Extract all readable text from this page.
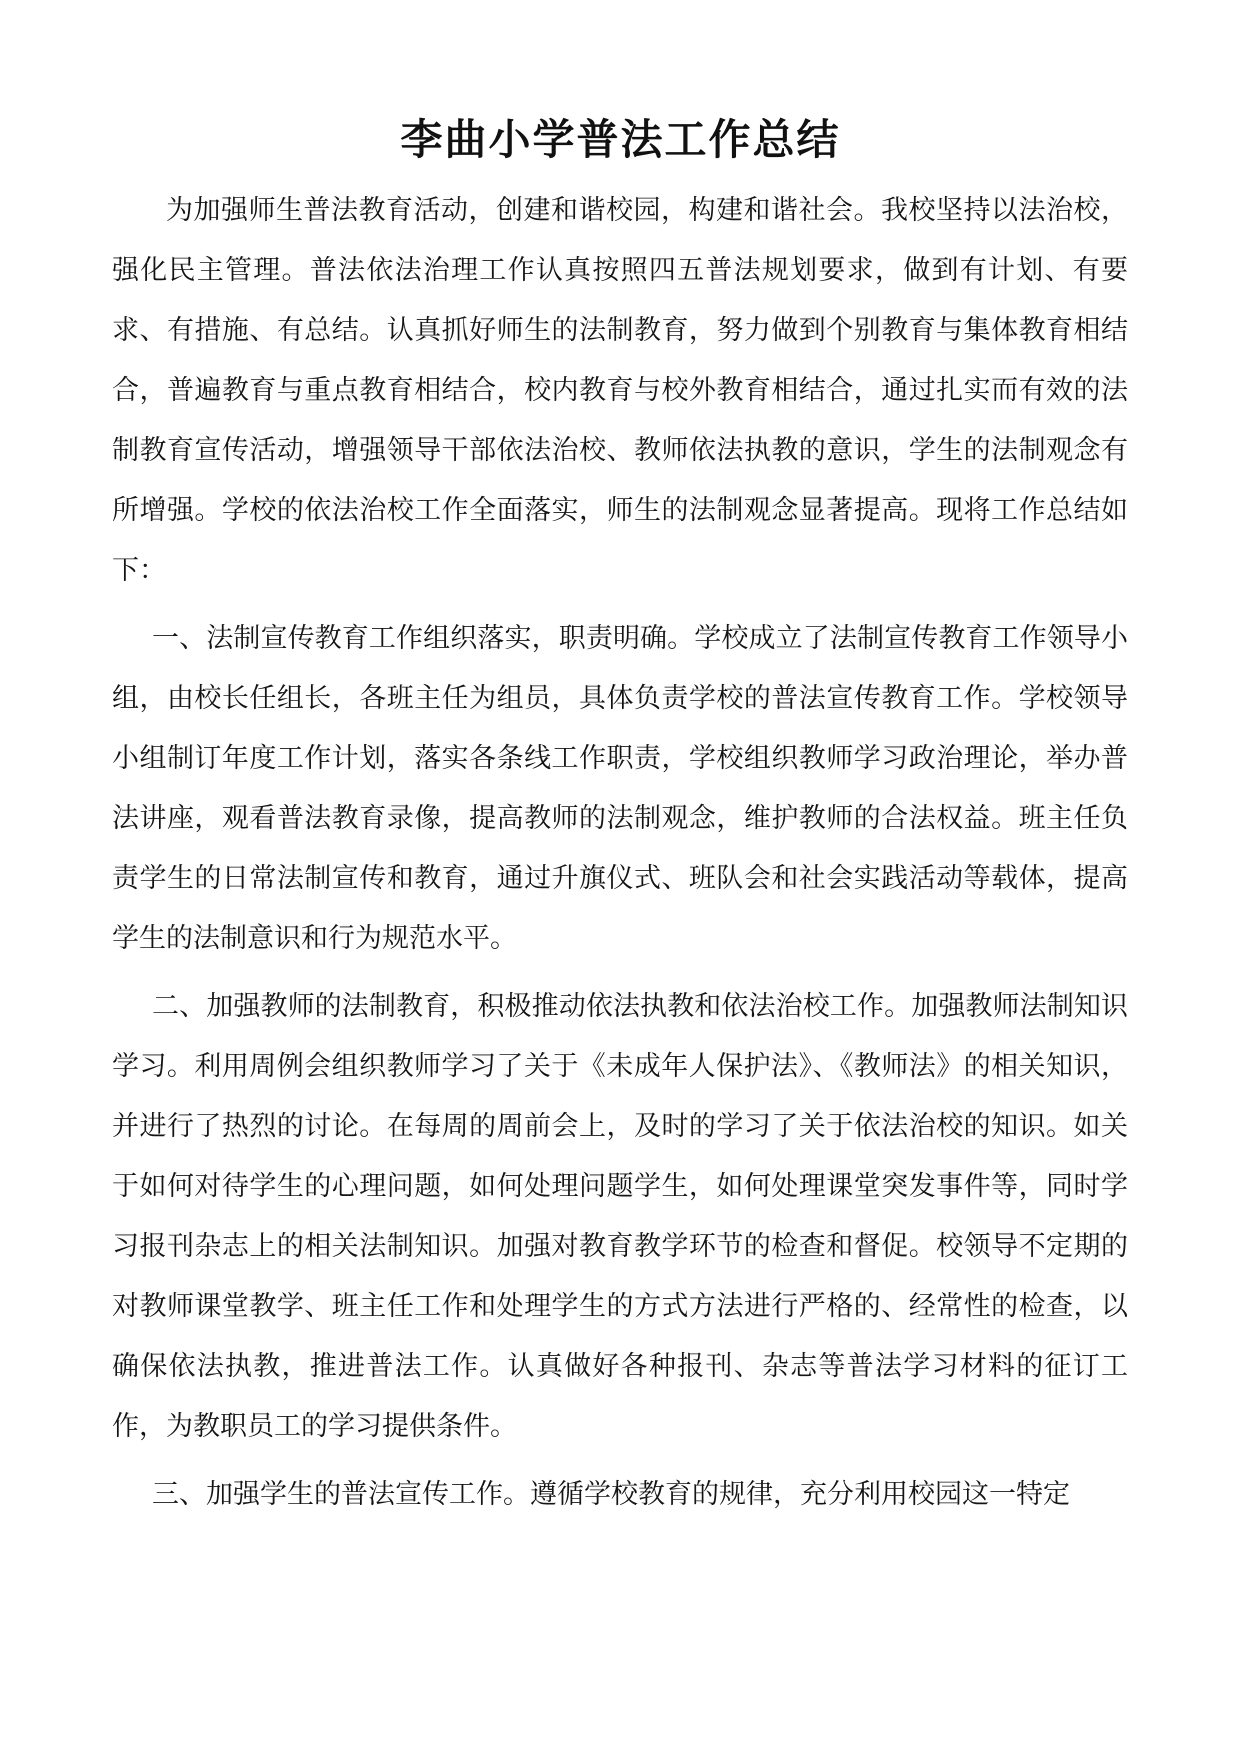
李曲小学普法工作总结

为加强师生普法教育活动，创建和谐校园，构建和谐社会。我校坚持以法治校，强化民主管理。普法依法治理工作认真按照四五普法规划要求，做到有计划、有要求、有措施、有总结。认真抓好师生的法制教育，努力做到个别教育与集体教育相结合，普遍教育与重点教育相结合，校内教育与校外教育相结合，通过扎实而有效的法制教育宣传活动，增强领导干部依法治校、教师依法执教的意识，学生的法制观念有所增强。学校的依法治校工作全面落实，师生的法制观念显著提高。现将工作总结如下：

一、法制宣传教育工作组织落实，职责明确。学校成立了法制宣传教育工作领导小组，由校长任组长，各班主任为组员，具体负责学校的普法宣传教育工作。学校领导小组制订年度工作计划，落实各条线工作职责，学校组织教师学习政治理论，举办普法讲座，观看普法教育录像，提高教师的法制观念，维护教师的合法权益。班主任负责学生的日常法制宣传和教育，通过升旗仪式、班队会和社会实践活动等载体，提高学生的法制意识和行为规范水平。

二、加强教师的法制教育，积极推动依法执教和依法治校工作。加强教师法制知识学习。利用周例会组织教师学习了关于《未成年人保护法》、《教师法》的相关知识，并进行了热烈的讨论。在每周的周前会上，及时的学习了关于依法治校的知识。如关于如何对待学生的心理问题，如何处理问题学生，如何处理课堂突发事件等，同时学习报刊杂志上的相关法制知识。加强对教育教学环节的检查和督促。校领导不定期的对教师课堂教学、班主任工作和处理学生的方式方法进行严格的、经常性的检查，以确保依法执教，推进普法工作。认真做好各种报刊、杂志等普法学习材料的征订工作，为教职员工的学习提供条件。

三、加强学生的普法宣传工作。遵循学校教育的规律，充分利用校园这一特定
